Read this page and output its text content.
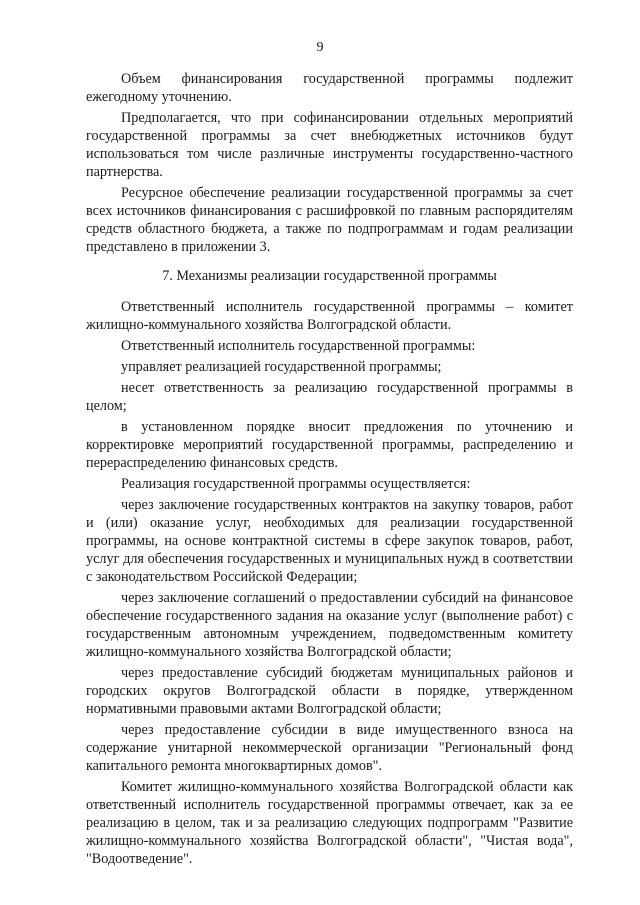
9

Объем финансирования государственной программы подлежит ежегодному уточнению.

Предполагается, что при софинансировании отдельных мероприятий государственной программы за счет внебюджетных источников будут использоваться том числе различные инструменты государственно-частного партнерства.

Ресурсное обеспечение реализации государственной программы за счет всех источников финансирования с расшифровкой по главным распорядителям средств областного бюджета, а также по подпрограммам и годам реализации представлено в приложении 3.

7. Механизмы реализации государственной программы

Ответственный исполнитель государственной программы – комитет жилищно-коммунального хозяйства Волгоградской области.

Ответственный исполнитель государственной программы:

управляет реализацией государственной программы;

несет ответственность за реализацию государственной программы в целом;

в установленном порядке вносит предложения по уточнению и корректировке мероприятий государственной программы, распределению и перераспределению финансовых средств.

Реализация государственной программы осуществляется:

через заключение государственных контрактов на закупку товаров, работ и (или) оказание услуг, необходимых для реализации государственной программы, на основе контрактной системы в сфере закупок товаров, работ, услуг для обеспечения государственных и муниципальных нужд в соответствии с законодательством Российской Федерации;

через заключение соглашений о предоставлении субсидий на финансовое обеспечение государственного задания на оказание услуг (выполнение работ) с государственным автономным учреждением, подведомственным комитету жилищно-коммунального хозяйства Волгоградской области;

через предоставление субсидий бюджетам муниципальных районов и городских округов Волгоградской области в порядке, утвержденном нормативными правовыми актами Волгоградской области;

через предоставление субсидии в виде имущественного взноса на содержание унитарной некоммерческой организации "Региональный фонд капитального ремонта многоквартирных домов".

Комитет жилищно-коммунального хозяйства Волгоградской области как ответственный исполнитель государственной программы отвечает, как за ее реализацию в целом, так и за реализацию следующих подпрограмм "Развитие жилищно-коммунального хозяйства Волгоградской области", "Чистая вода", "Водоотведение".
